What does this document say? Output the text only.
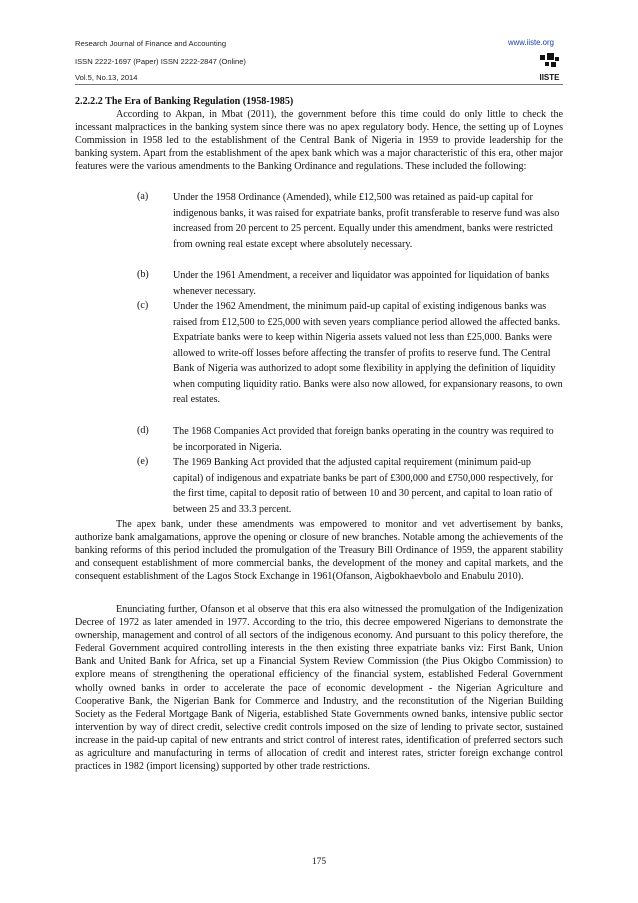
Research Journal of Finance and Accounting
ISSN 2222-1697 (Paper) ISSN 2222-2847 (Online)
Vol.5, No.13, 2014
www.iiste.org
IISTE
2.2.2.2 The Era of Banking Regulation (1958-1985)

According to Akpan, in Mbat (2011), the government before this time could do only little to check the incessant malpractices in the banking system since there was no apex regulatory body. Hence, the setting up of Loynes Commission in 1958 led to the establishment of the Central Bank of Nigeria in 1959 to provide leadership for the banking system. Apart from the establishment of the apex bank which was a major characteristic of this era, other major features were the various amendments to the Banking Ordinance and regulations. These included the following:

(a) Under the 1958 Ordinance (Amended), while £12,500 was retained as paid-up capital for indigenous banks, it was raised for expatriate banks, profit transferable to reserve fund was also increased from 20 percent to 25 percent. Equally under this amendment, banks were restricted from owning real estate except where absolutely necessary.

(b) Under the 1961 Amendment, a receiver and liquidator was appointed for liquidation of banks whenever necessary.

(c) Under the 1962 Amendment, the minimum paid-up capital of existing indigenous banks was raised from £12,500 to £25,000 with seven years compliance period allowed the affected banks. Expatriate banks were to keep within Nigeria assets valued not less than £25,000. Banks were allowed to write-off losses before affecting the transfer of profits to reserve fund. The Central Bank of Nigeria was authorized to adopt some flexibility in applying the definition of liquidity when computing liquidity ratio. Banks were also now allowed, for expansionary reasons, to own real estates.

(d) The 1968 Companies Act provided that foreign banks operating in the country was required to be incorporated in Nigeria.

(e) The 1969 Banking Act provided that the adjusted capital requirement (minimum paid-up capital) of indigenous and expatriate banks be part of £300,000 and £750,000 respectively, for the first time, capital to deposit ratio of between 10 and 30 percent, and capital to loan ratio of between 25 and 33.3 percent.

The apex bank, under these amendments was empowered to monitor and vet advertisement by banks, authorize bank amalgamations, approve the opening or closure of new branches. Notable among the achievements of the banking reforms of this period included the promulgation of the Treasury Bill Ordinance of 1959, the apparent stability and consequent establishment of more commercial banks, the development of the money and capital markets, and the consequent establishment of the Lagos Stock Exchange in 1961(Ofanson, Aigbokhaevbolo and Enabulu 2010).

Enunciating further, Ofanson et al observe that this era also witnessed the promulgation of the Indigenization Decree of 1972 as later amended in 1977. According to the trio, this decree empowered Nigerians to demonstrate the ownership, management and control of all sectors of the indigenous economy. And pursuant to this policy therefore, the Federal Government acquired controlling interests in the then existing three expatriate banks viz: First Bank, Union Bank and United Bank for Africa, set up a Financial System Review Commission (the Pius Okigbo Commission) to explore means of strengthening the operational efficiency of the financial system, established Federal Government wholly owned banks in order to accelerate the pace of economic development - the Nigerian Agriculture and Cooperative Bank, the Nigerian Bank for Commerce and Industry, and the reconstitution of the Nigerian Building Society as the Federal Mortgage Bank of Nigeria, established State Governments owned banks, intensive public sector intervention by way of direct credit, selective credit controls imposed on the size of lending to private sector, sustained increase in the paid-up capital of new entrants and strict control of interest rates, identification of preferred sectors such as agriculture and manufacturing in terms of allocation of credit and interest rates, stricter foreign exchange control practices in 1982 (import licensing) supported by other trade restrictions.

175
